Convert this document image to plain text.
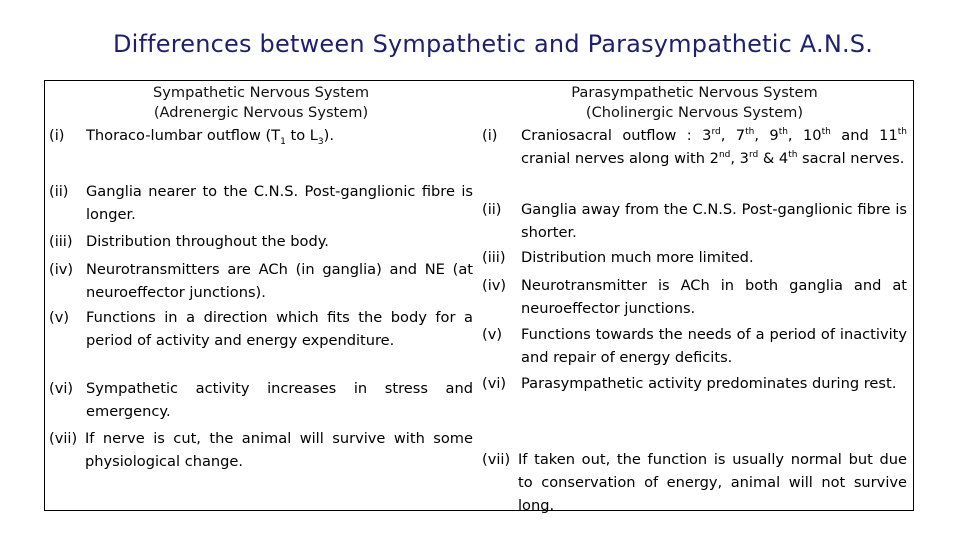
Differences between Sympathetic and Parasympathetic A.N.S.
Sympathetic Nervous System
(Adrenergic Nervous System)
(i) Thoraco-lumbar outflow ($T_1$ to $L_3$).
(ii) Ganglia nearer to the C.N.S. Post-ganglionic fibre is longer.
(iii) Distribution throughout the body.
(iv) Neurotransmitters are ACh (in ganglia) and NE (at neuroeffector junctions).
(v) Functions in a direction which fits the body for a period of activity and energy expenditure.
(vi) Sympathetic activity increases in stress and emergency.
(vii) If nerve is cut, the animal will survive with some physiological change.
Parasympathetic Nervous System
(Cholinergic Nervous System)
(i) Craniosacral outflow : 3rd, 7th, 9th, 10th and 11th cranial nerves along with 2nd, 3rd & 4th sacral nerves.
(ii) Ganglia away from the C.N.S. Post-ganglionic fibre is shorter.
(iii) Distribution much more limited.
(iv) Neurotransmitter is ACh in both ganglia and at neuroeffector junctions.
(v) Functions towards the needs of a period of inactivity and repair of energy deficits.
(vi) Parasympathetic activity predominates during rest.
(vii) If taken out, the function is usually normal but due to conservation of energy, animal will not survive long.
